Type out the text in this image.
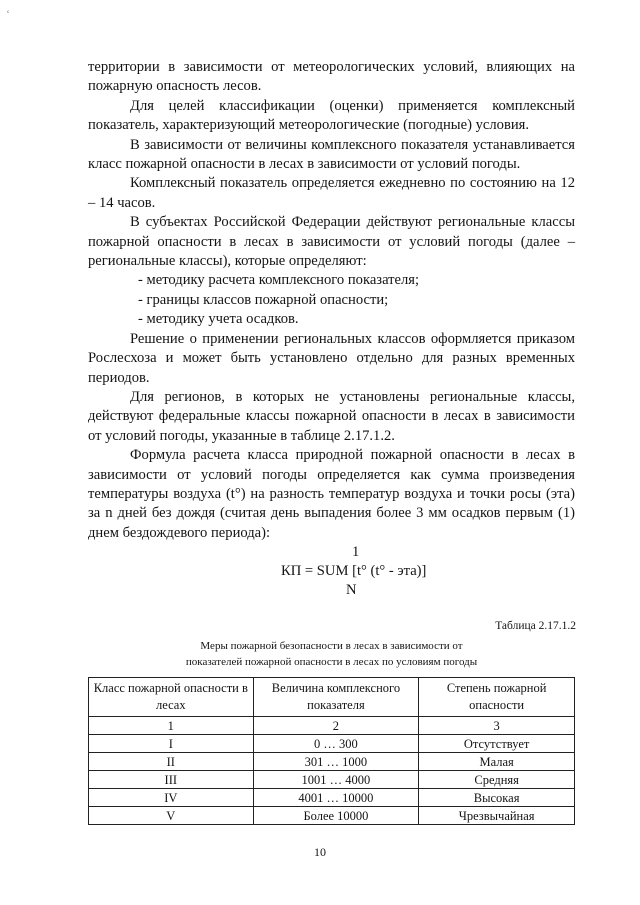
ʿ

территории в зависимости от метеорологических условий, влияющих на пожарную опасность лесов.

Для целей классификации (оценки) применяется комплексный показатель, характеризующий метеорологические (погодные) условия.

В зависимости от величины комплексного показателя устанавливается класс пожарной опасности в лесах в зависимости от условий погоды.

Комплексный показатель определяется ежедневно по состоянию на 12 – 14 часов.

В субъектах Российской Федерации действуют региональные классы пожарной опасности в лесах в зависимости от условий погоды (далее – региональные классы), которые определяют:

- методику расчета комплексного показателя;

- границы классов пожарной опасности;

- методику учета осадков.

Решение о применении региональных классов оформляется приказом Рослесхоза и может быть установлено отдельно для разных временных периодов.

Для регионов, в которых не установлены региональные классы, действуют федеральные классы пожарной опасности в лесах в зависимости от условий погоды, указанные в таблице 2.17.1.2.

Формула расчета класса природной пожарной опасности в лесах в зависимости от условий погоды определяется как сумма произведения температуры воздуха (t°) на разность температур воздуха и точки росы (эта) за n дней без дождя (считая день выпадения более 3 мм осадков первым (1) днем бездождевого периода):

1
КП = SUM [t° (t° - эта)]
N
Таблица 2.17.1.2
Меры пожарной безопасности в лесах в зависимости от
показателей пожарной опасности в лесах по условиям погоды
Класс пожарной опасности в лесах	Величина комплексного показателя	Степень пожарной опасности
1	2	3
I	0 … 300	Отсутствует
II	301 … 1000	Малая
III	1001 … 4000	Средняя
IV	4001 … 10000	Высокая
V	Более 10000	Чрезвычайная
10
